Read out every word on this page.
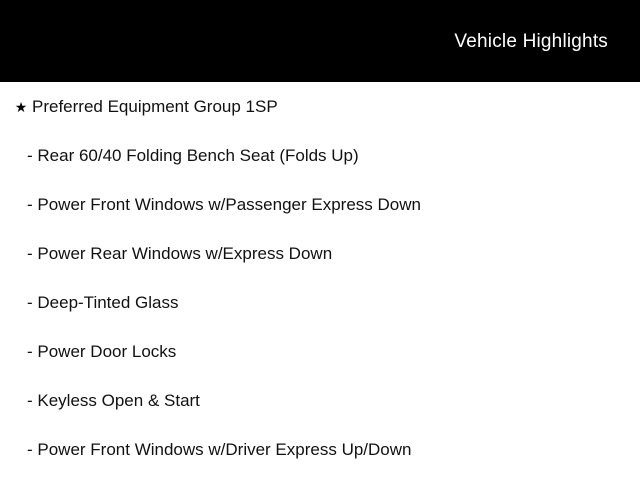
Vehicle Highlights
★ Preferred Equipment Group 1SP
- Rear 60/40 Folding Bench Seat (Folds Up)
- Power Front Windows w/Passenger Express Down
- Power Rear Windows w/Express Down
- Deep-Tinted Glass
- Power Door Locks
- Keyless Open & Start
- Power Front Windows w/Driver Express Up/Down
